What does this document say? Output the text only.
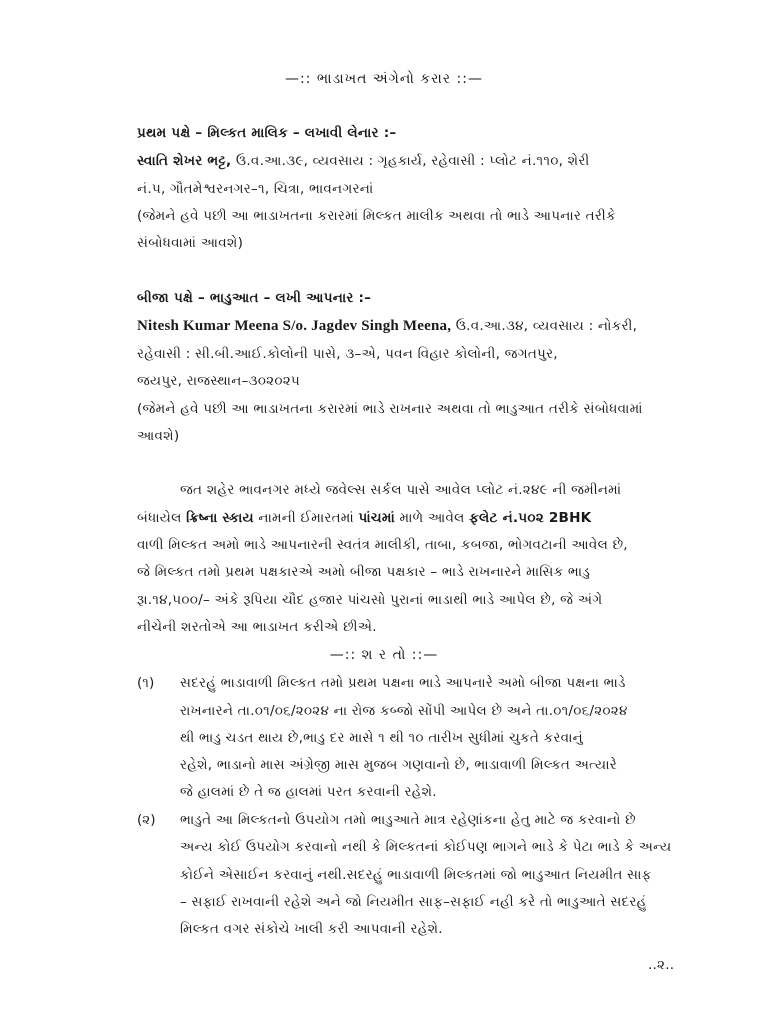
—:: ભાડાખત અંગેનો કરાર ::—
પ્રથમ પક્ષે – મિલ્કત માલિક – લખાવી લેનાર :–
સ્વાતિ શેખર ભટ્ટ, ઉ.વ.આ.૩૯, વ્યવસાય : ગૃહકાર્ય, રહેવાસી : પ્લોટ નં.૧૧૦, શેરી
નં.૫, ગૌતમેશ્વરનગર–૧, ચિત્રા, ભાવનગરનાં
(જેમને હવે પછી આ ભાડાખતના કરારમાં મિલ્કત માલીક અથવા તો ભાડે આપનાર તરીકે
સંબોધવામાં આવશે)
બીજા પક્ષે – ભાડુઆત – લખી આપનાર :–
Nitesh Kumar Meena S/o. Jagdev Singh Meena, ઉ.વ.આ.૩૪, વ્યવસાય : નોકરી,
રહેવાસી : સી.બી.આઈ.કોલોની પાસે, ૩–એ, પવન વિહાર કોલોની, જગતપુર,
જયપુર, રાજસ્થાન–૩૦૨૦૨૫
(જેમને હવે પછી આ ભાડાખતના કરારમાં ભાડે રાખનાર અથવા તો ભાડુઆત તરીકે સંબોધવામાં
આવશે)
જત શહેર ભાવનગર મધ્યે જવેલ્સ સર્કલ પાસે આવેલ પ્લોટ નં.૨૪૯ ની જમીનમાં
બંધાયેલ ક્રિષ્ના સ્કાય નામની ઈમારતમાં પાંચમાં માળે આવેલ ફલેટ નં.૫૦૨ 2BHK
વાળી મિલ્કત અમો ભાડે આપનારની સ્વતંત્ર માલીકી, તાબા, કબજા, ભોગવટાની આવેલ છે,
જે મિલ્કત તમો પ્રથમ પક્ષકારએ અમો બીજા પક્ષકાર – ભાડે રાખનારને માસિક ભાડુ
રૂા.૧૪,૫૦૦/– અંકે રૂપિયા ચૌદ હજાર પાંચસો પુરાનાં ભાડાથી ભાડે આપેલ છે, જે અંગે
નીચેની શરતોએ આ ભાડાખત કરીએ છીએ.
—:: શ ર તો ::—
(૧) સદરહું ભાડાવાળી મિલ્કત તમો પ્રથમ પક્ષના ભાડે આપનારે અમો બીજા પક્ષના ભાડે
રાખનારને તા.૦૧/૦૬/૨૦૨૪ ના રોજ કબ્જો સોંપી આપેલ છે અને તા.૦૧/૦૬/૨૦૨૪
થી ભાડુ ચડત થાય છે,ભાડુ દર માસે ૧ થી ૧૦ તારીખ સુધીમાં ચુકતે કરવાનું
રહેશે, ભાડાનો માસ અંગ્રેજી માસ મુજબ ગણવાનો છે, ભાડાવાળી મિલ્કત અત્યારે
જે હાલમાં છે તે જ હાલમાં પરત કરવાની રહેશે.
(૨) ભાડુતે આ મિલ્કતનો ઉપયોગ તમો ભાડુઆતે માત્ર રહેણાંકના હેતુ માટે જ કરવાનો છે
અન્ય કોઈ ઉપયોગ કરવાનો નથી કે મિલ્કતનાં કોઈપણ ભાગને ભાડે કે પેટા ભાડે કે અન્ય
કોઈને એસાઈન કરવાનું નથી.સદરહું ભાડાવાળી મિલ્કતમાં જો ભાડુઆત નિયમીત સાફ
– સફાઈ રાખવાની રહેશે અને જો નિયમીત સાફ–સફાઈ નહી કરે તો ભાડુઆતે સદરહું
મિલ્કત વગર સંકોચે ખાલી કરી આપવાની રહેશે.
..૨..
